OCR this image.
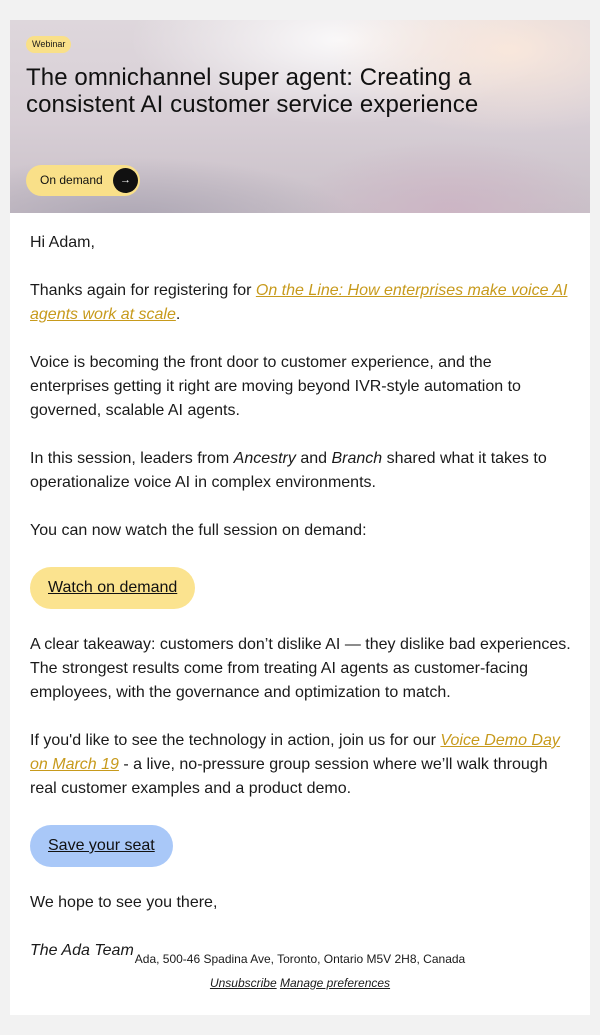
Webinar
The omnichannel super agent: Creating a consistent AI customer service experience
On demand	→

Hi Adam,

Thanks again for registering for On the Line: How enterprises make voice AI agents work at scale.

Voice is becoming the front door to customer experience, and the enterprises getting it right are moving beyond IVR-style automation to governed, scalable AI agents.

In this session, leaders from Ancestry and Branch shared what it takes to operationalize voice AI in complex environments.

You can now watch the full session on demand:

Watch on demand

A clear takeaway: customers don’t dislike AI — they dislike bad experiences. The strongest results come from treating AI agents as customer-facing employees, with the governance and optimization to match.

If you'd like to see the technology in action, join us for our Voice Demo Day on March 19 - a live, no-pressure group session where we’ll walk through real customer examples and a product demo.

Save your seat

We hope to see you there,

The Ada Team Ada, 500-46 Spadina Ave, Toronto, Ontario M5V 2H8, Canada
Unsubscribe Manage preferences
